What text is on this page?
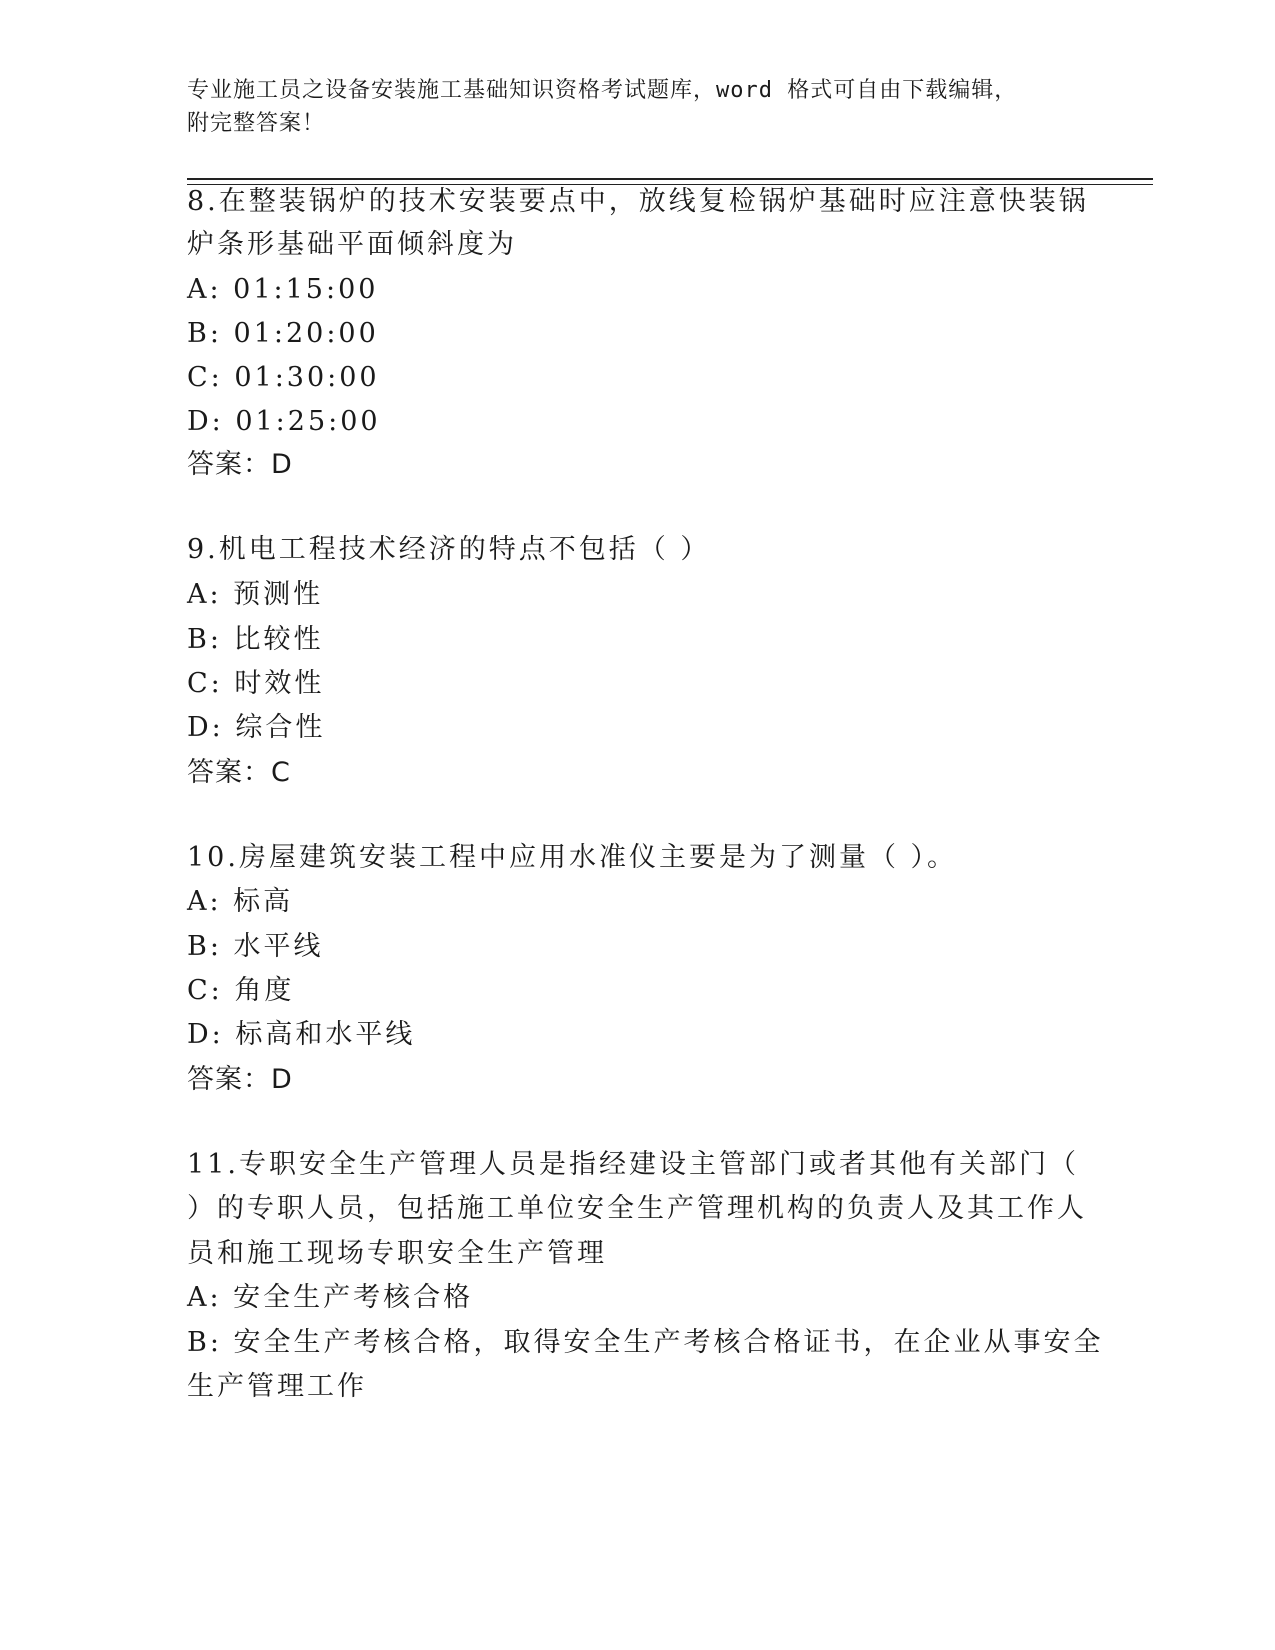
专业施工员之设备安装施工基础知识资格考试题库，word 格式可自由下载编辑，
附完整答案！
8.在整装锅炉的技术安装要点中，放线复检锅炉基础时应注意快装锅
炉条形基础平面倾斜度为
A: 01:15:00
B: 01:20:00
C: 01:30:00
D: 01:25:00
答案：D
9.机电工程技术经济的特点不包括（ ）
A: 预测性
B: 比较性
C: 时效性
D: 综合性
答案：C
10.房屋建筑安装工程中应用水准仪主要是为了测量（ ）。
A: 标高
B: 水平线
C: 角度
D: 标高和水平线
答案：D
11.专职安全生产管理人员是指经建设主管部门或者其他有关部门（
）的专职人员，包括施工单位安全生产管理机构的负责人及其工作人
员和施工现场专职安全生产管理
A: 安全生产考核合格
B: 安全生产考核合格，取得安全生产考核合格证书，在企业从事安全
生产管理工作
